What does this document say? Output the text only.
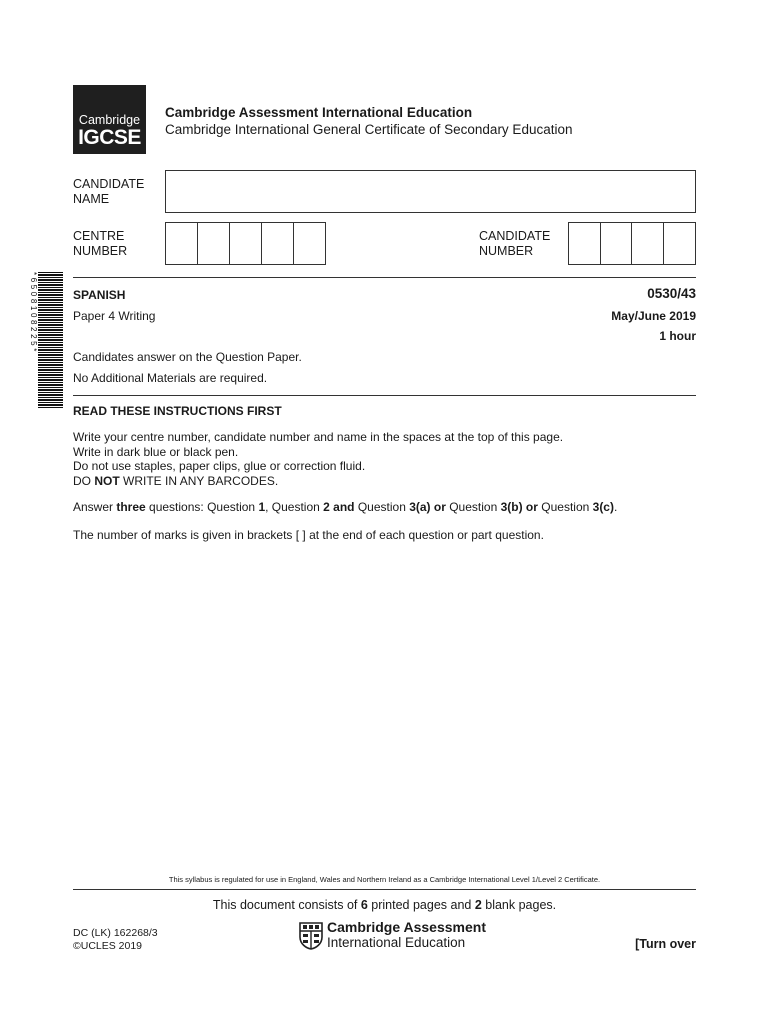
Cambridge
IGCSE
Cambridge Assessment International Education
Cambridge International General Certificate of Secondary Education
CANDIDATE
NAME
CENTRE
NUMBER
CANDIDATE
NUMBER
*6508108225*	SPANISH	0530/43
Paper 4 Writing	May/June 2019
1 hour
Candidates answer on the Question Paper.
No Additional Materials are required.
READ THESE INSTRUCTIONS FIRST
Write your centre number, candidate number and name in the spaces at the top of this page.
Write in dark blue or black pen.
Do not use staples, paper clips, glue or correction fluid.
DO NOT WRITE IN ANY BARCODES.
Answer three questions: Question 1, Question 2 and Question 3(a) or Question 3(b) or Question 3(c).
The number of marks is given in brackets [ ] at the end of each question or part question.
This syllabus is regulated for use in England, Wales and Northern Ireland as a Cambridge International Level 1/Level 2 Certificate.
This document consists of 6 printed pages and 2 blank pages.
DC (LK) 162268/3
©UCLES 2019
Cambridge Assessment
International Education	[Turn over
